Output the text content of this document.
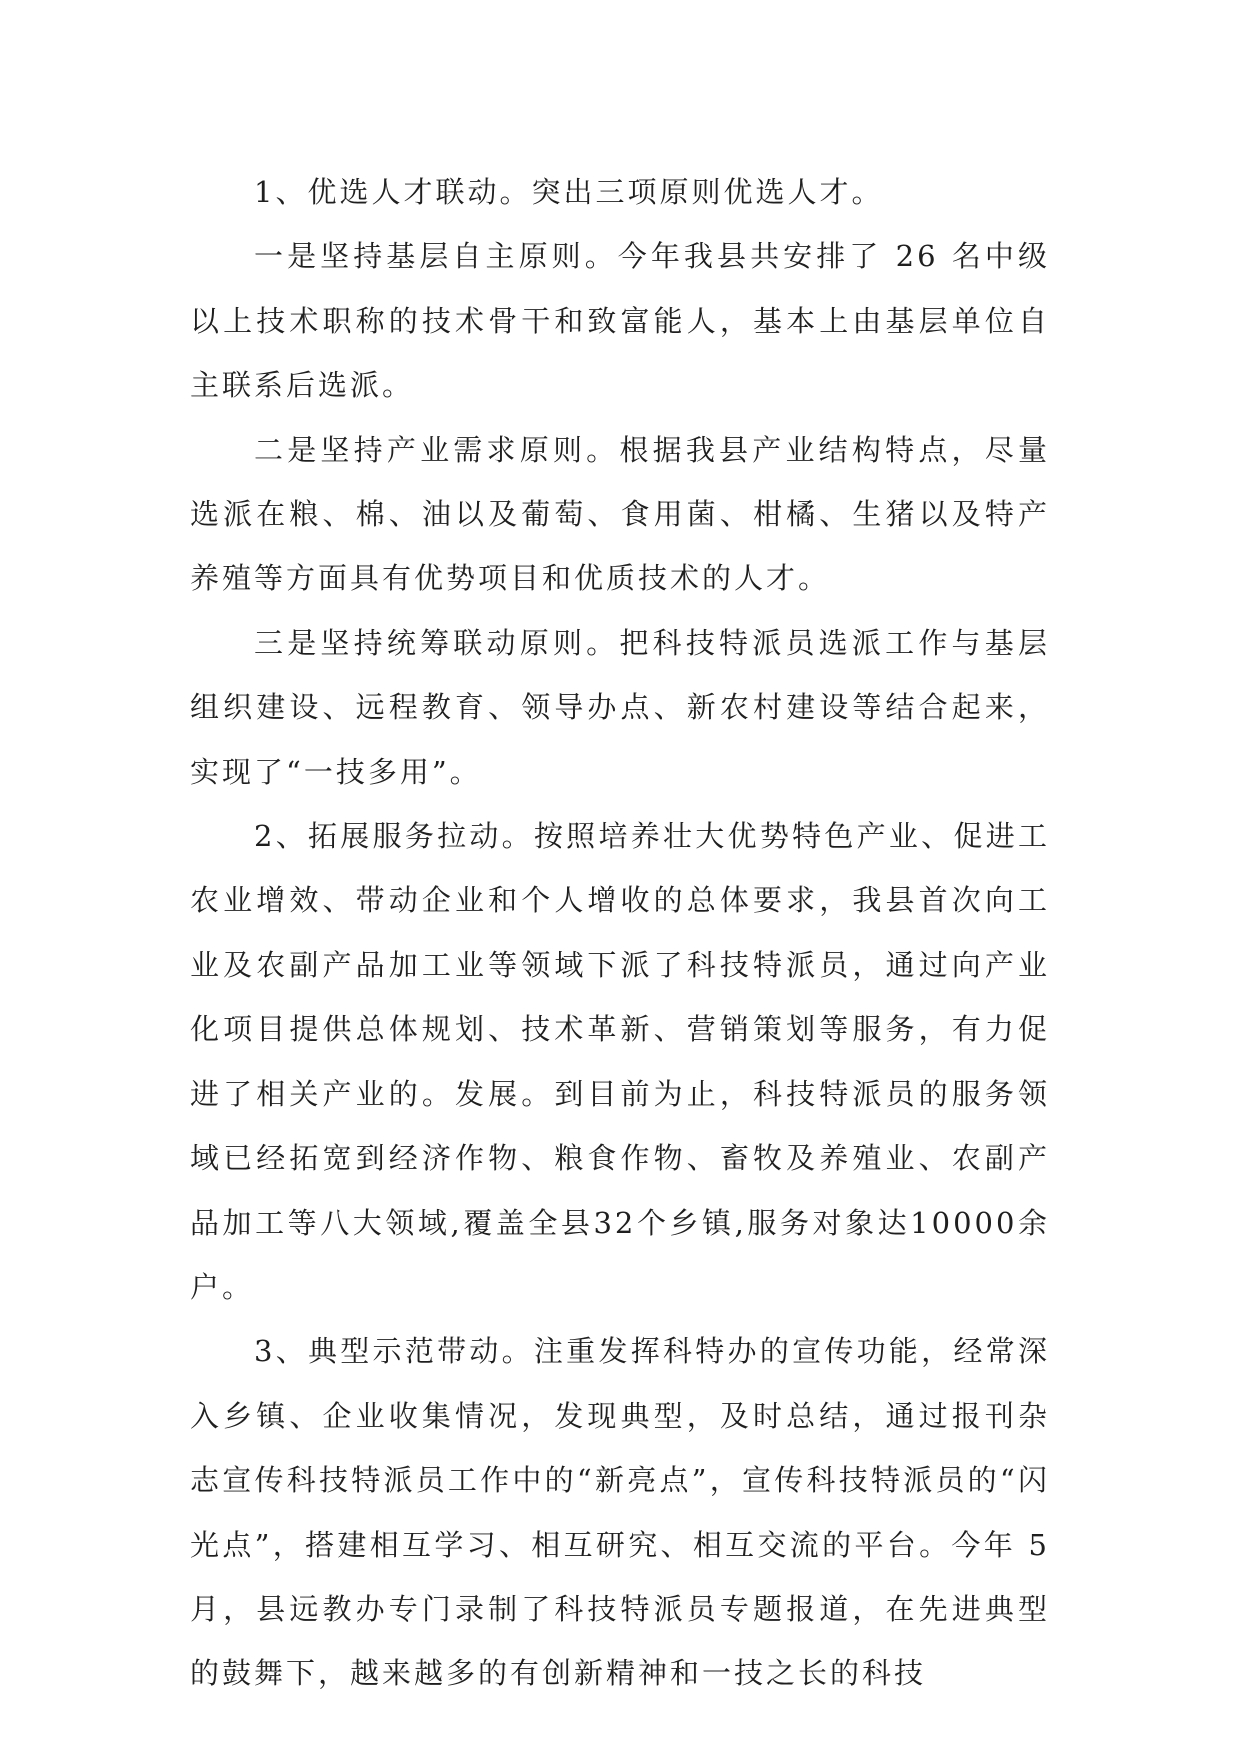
1、优选人才联动。突出三项原则优选人才。

一是坚持基层自主原则。今年我县共安排了 26 名中级以上技术职称的技术骨干和致富能人，基本上由基层单位自主联系后选派。

二是坚持产业需求原则。根据我县产业结构特点，尽量选派在粮、棉、油以及葡萄、食用菌、柑橘、生猪以及特产养殖等方面具有优势项目和优质技术的人才。

三是坚持统筹联动原则。把科技特派员选派工作与基层组织建设、远程教育、领导办点、新农村建设等结合起来，实现了“一技多用”。

2、拓展服务拉动。按照培养壮大优势特色产业、促进工农业增效、带动企业和个人增收的总体要求，我县首次向工业及农副产品加工业等领域下派了科技特派员，通过向产业化项目提供总体规划、技术革新、营销策划等服务，有力促进了相关产业的。发展。到目前为止，科技特派员的服务领域已经拓宽到经济作物、粮食作物、畜牧及养殖业、农副产品加工等八大领域,覆盖全县32个乡镇,服务对象达10000余户。

3、典型示范带动。注重发挥科特办的宣传功能，经常深入乡镇、企业收集情况，发现典型，及时总结，通过报刊杂志宣传科技特派员工作中的“新亮点”，宣传科技特派员的“闪光点”，搭建相互学习、相互研究、相互交流的平台。今年 5 月，县远教办专门录制了科技特派员专题报道，在先进典型的鼓舞下，越来越多的有创新精神和一技之长的科技
